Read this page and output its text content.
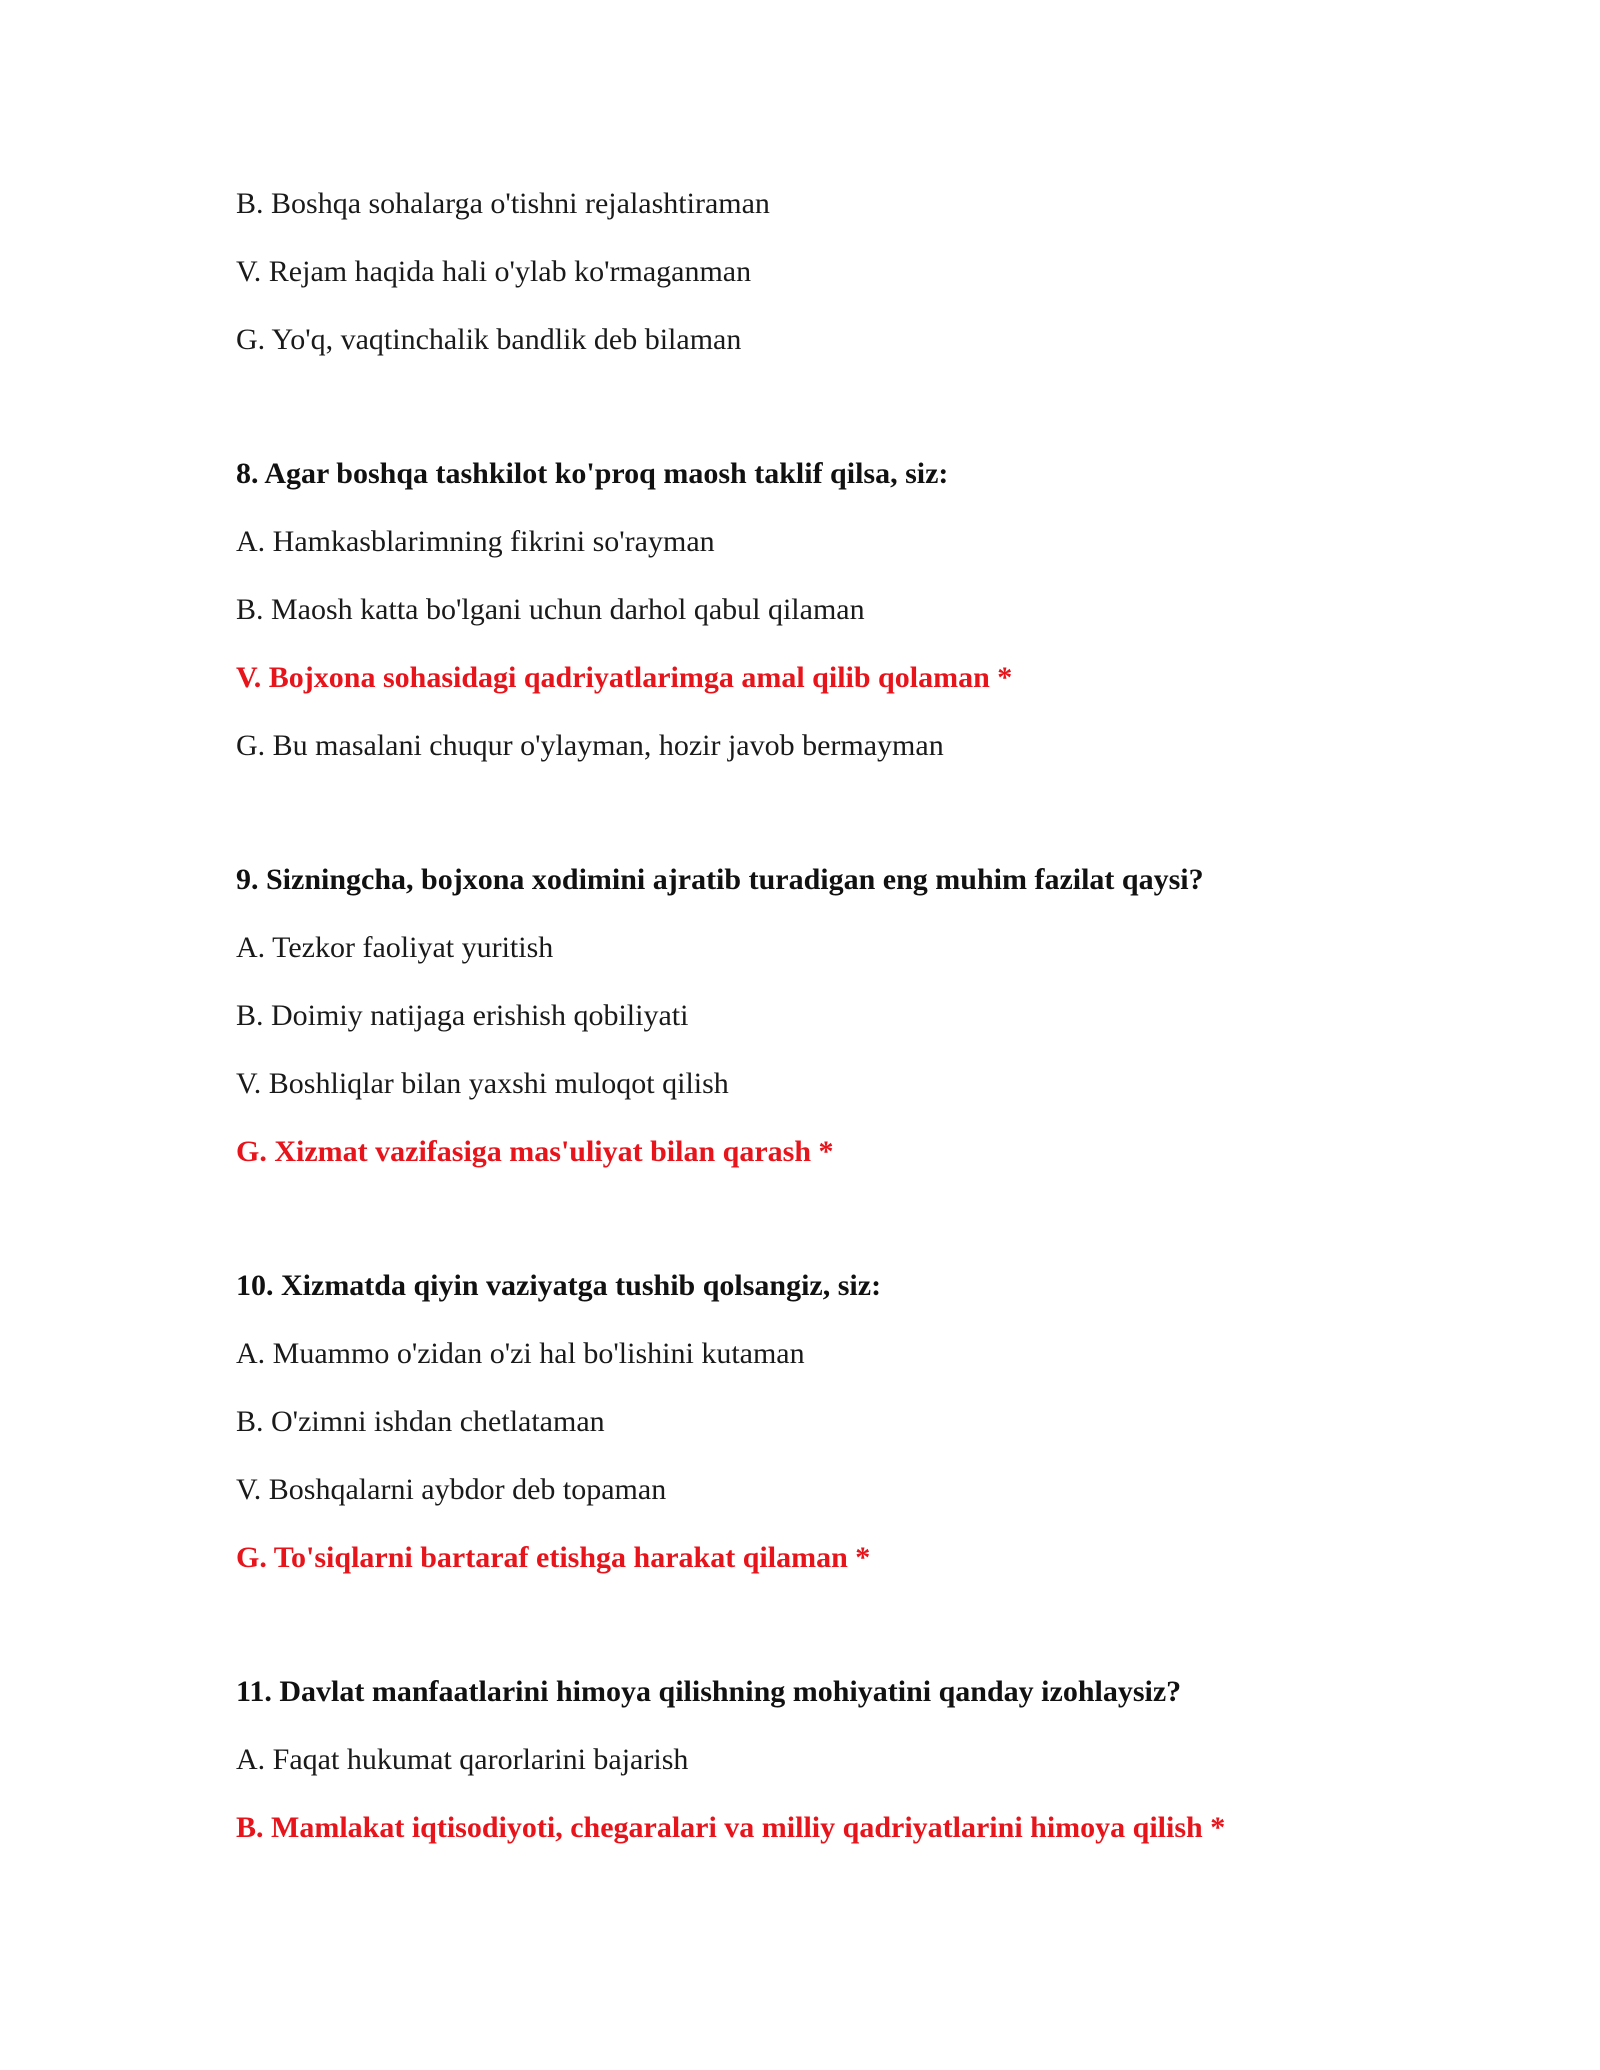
B. Boshqa sohalarga o'tishni rejalashtiraman
V. Rejam haqida hali o'ylab ko'rmaganman
G. Yo'q, vaqtinchalik bandlik deb bilaman
8. Agar boshqa tashkilot ko'proq maosh taklif qilsa, siz:
A. Hamkasblarimning fikrini so'rayman
B. Maosh katta bo'lgani uchun darhol qabul qilaman
V. Bojxona sohasidagi qadriyatlarimga amal qilib qolaman *
G. Bu masalani chuqur o'ylayman, hozir javob bermayman
9. Sizningcha, bojxona xodimini ajratib turadigan eng muhim fazilat qaysi?
A. Tezkor faoliyat yuritish
B. Doimiy natijaga erishish qobiliyati
V. Boshliqlar bilan yaxshi muloqot qilish
G. Xizmat vazifasiga mas'uliyat bilan qarash *
10. Xizmatda qiyin vaziyatga tushib qolsangiz, siz:
A. Muammo o'zidan o'zi hal bo'lishini kutaman
B. O'zimni ishdan chetlataman
V. Boshqalarni aybdor deb topaman
G. To'siqlarni bartaraf etishga harakat qilaman *
11. Davlat manfaatlarini himoya qilishning mohiyatini qanday izohlaysiz?
A. Faqat hukumat qarorlarini bajarish
B. Mamlakat iqtisodiyoti, chegaralari va milliy qadriyatlarini himoya qilish *
